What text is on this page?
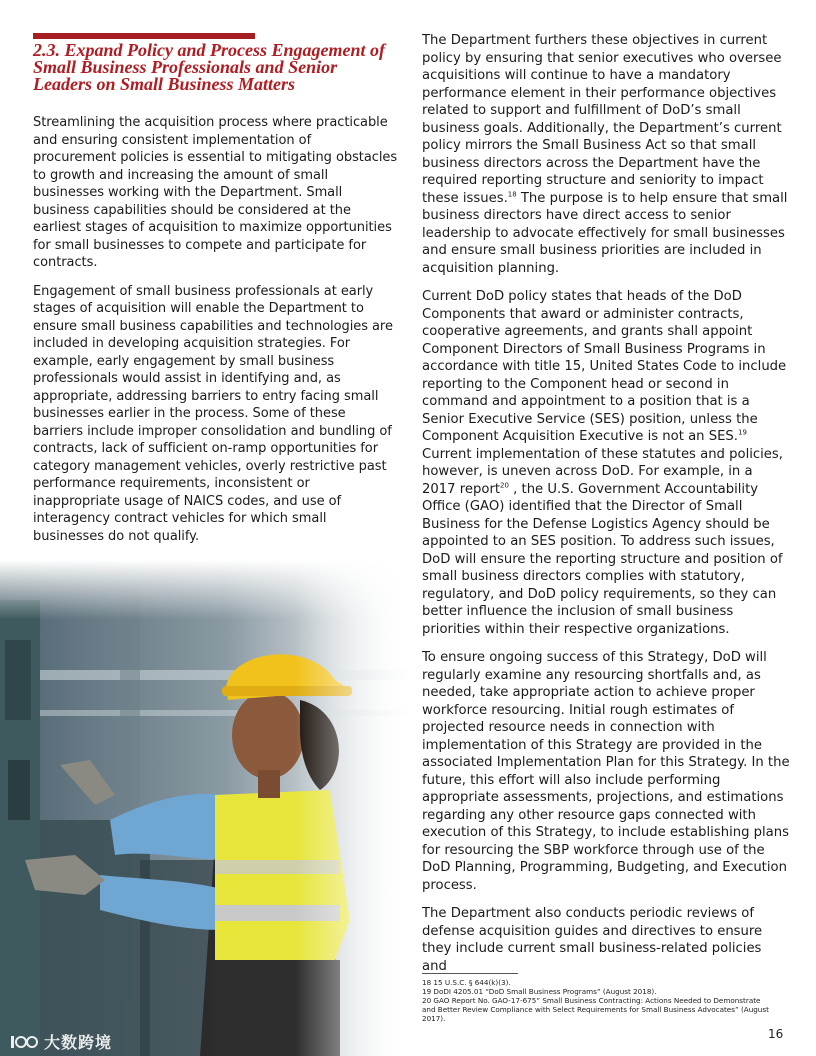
2.3. Expand Policy and Process Engagement of Small Business Professionals and Senior Leaders on Small Business Matters

Streamlining the acquisition process where practicable and ensuring consistent implementation of procurement policies is essential to mitigating obstacles to growth and increasing the amount of small businesses working with the Department. Small business capabilities should be considered at the earliest stages of acquisition to maximize opportunities for small businesses to compete and participate for contracts.

Engagement of small business professionals at early stages of acquisition will enable the Department to ensure small business capabilities and technologies are included in developing acquisition strategies. For example, early engagement by small business professionals would assist in identifying and, as appropriate, addressing barriers to entry facing small businesses earlier in the process. Some of these barriers include improper consolidation and bundling of contracts, lack of sufficient on-ramp opportunities for category management vehicles, overly restrictive past performance requirements, inconsistent or inappropriate usage of NAICS codes, and use of interagency contract vehicles for which small businesses do not qualify.

The Department furthers these objectives in current policy by ensuring that senior executives who oversee acquisitions will continue to have a mandatory performance element in their performance objectives related to support and fulfillment of DoD’s small business goals. Additionally, the Department’s current policy mirrors the Small Business Act so that small business directors across the Department have the required reporting structure and seniority to impact these issues.$^{18}$ The purpose is to help ensure that small business directors have direct access to senior leadership to advocate effectively for small businesses and ensure small business priorities are included in acquisition planning.

Current DoD policy states that heads of the DoD Components that award or administer contracts, cooperative agreements, and grants shall appoint Component Directors of Small Business Programs in accordance with title 15, United States Code to include reporting to the Component head or second in command and appointment to a position that is a Senior Executive Service (SES) position, unless the Component Acquisition Executive is not an SES.$^{19}$ Current implementation of these statutes and policies, however, is uneven across DoD. For example, in a 2017 report$^{20}$ , the U.S. Government Accountability Office (GAO) identified that the Director of Small Business for the Defense Logistics Agency should be appointed to an SES position. To address such issues, DoD will ensure the reporting structure and position of small business directors complies with statutory, regulatory, and DoD policy requirements, so they can better influence the inclusion of small business priorities within their respective organizations.

To ensure ongoing success of this Strategy, DoD will regularly examine any resourcing shortfalls and, as needed, take appropriate action to achieve proper workforce resourcing. Initial rough estimates of projected resource needs in connection with implementation of this Strategy are provided in the associated Implementation Plan for this Strategy. In the future, this effort will also include performing appropriate assessments, projections, and estimations regarding any other resource gaps connected with execution of this Strategy, to include establishing plans for resourcing the SBP workforce through use of the DoD Planning, Programming, Budgeting, and Execution process.

The Department also conducts periodic reviews of defense acquisition guides and directives to ensure they include current small business-related policies and

18 15 U.S.C. § 644(k)(3).
19 DoDI 4205.01 “DoD Small Business Programs” (August 2018).
20 GAO Report No. GAO-17-675” Small Business Contracting: Actions Needed to Demonstrate and Better Review Compliance with Select Requirements for Small Business Advocates” (August 2017).
大数跨境	16
